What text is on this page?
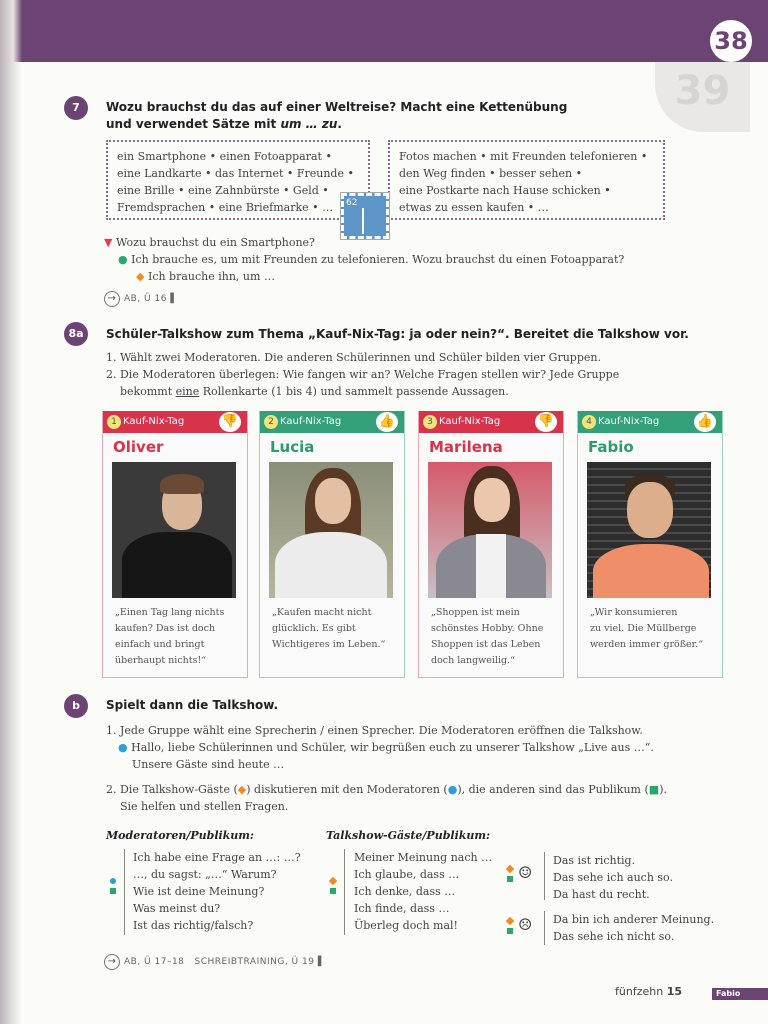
38
39
7	Wozu brauchst du das auf einer Weltreise? Macht eine Kettenübung
und verwendet Sätze mit um … zu.
ein Smartphone • einen Fotoapparat •
eine Landkarte • das Internet • Freunde •
eine Brille • eine Zahnbürste • Geld •
Fremdsprachen • eine Briefmarke • …
Fotos machen • mit Freunden telefonieren •
den Weg finden • besser sehen •
eine Postkarte nach Hause schicken •
etwas zu essen kaufen • …
62
▼ Wozu brauchst du ein Smartphone?
● Ich brauche es, um mit Freunden zu telefonieren. Wozu brauchst du einen Fotoapparat?
◆ Ich brauche ihn, um …
→ AB, Ü 16 ▌
8a	Schüler-Talkshow zum Thema „Kauf-Nix-Tag: ja oder nein?“. Bereitet die Talkshow vor.
1. Wählt zwei Moderatoren. Die anderen Schülerinnen und Schüler bilden vier Gruppen.
2. Die Moderatoren überlegen: Wie fangen wir an? Welche Fragen stellen wir? Jede Gruppe
bekommt eine Rollenkarte (1 bis 4) und sammelt passende Aussagen.
1 Kauf-Nix-Tag	👎
Oliver
„Einen Tag lang nichts
kaufen? Das ist doch
einfach und bringt
überhaupt nichts!“
2 Kauf-Nix-Tag	👍
Lucia
„Kaufen macht nicht
glücklich. Es gibt
Wichtigeres im Leben.“
3 Kauf-Nix-Tag	👎
Marilena
„Shoppen ist mein
schönstes Hobby. Ohne
Shoppen ist das Leben
doch langweilig.“
4 Kauf-Nix-Tag	👍
Fabio
„Wir konsumieren
zu viel. Die Müllberge
werden immer größer.“
b	Spielt dann die Talkshow.
1. Jede Gruppe wählt eine Sprecherin / einen Sprecher. Die Moderatoren eröffnen die Talkshow.
● Hallo, liebe Schülerinnen und Schüler, wir begrüßen euch zu unserer Talkshow „Live aus …“.
Unsere Gäste sind heute …
2. Die Talkshow-Gäste (◆) diskutieren mit den Moderatoren (●), die anderen sind das Publikum (■).
Sie helfen und stellen Fragen.
Moderatoren/Publikum:	Talkshow-Gäste/Publikum:
Ich habe eine Frage an …: …?
…, du sagst: „…“ Warum?
Wie ist deine Meinung?
Was meinst du?
Ist das richtig/falsch?
Meiner Meinung nach …
Ich glaube, dass …
Ich denke, dass …
Ich finde, dass …
Überleg doch mal!
☺
Das ist richtig.
Das sehe ich auch so.
Da hast du recht.
☹ Da bin ich anderer Meinung.
Das sehe ich nicht so.
→ AB, Ü 17–18 SCHREIBTRAINING, Ü 19 ▌
fünfzehn 15	Fabio
